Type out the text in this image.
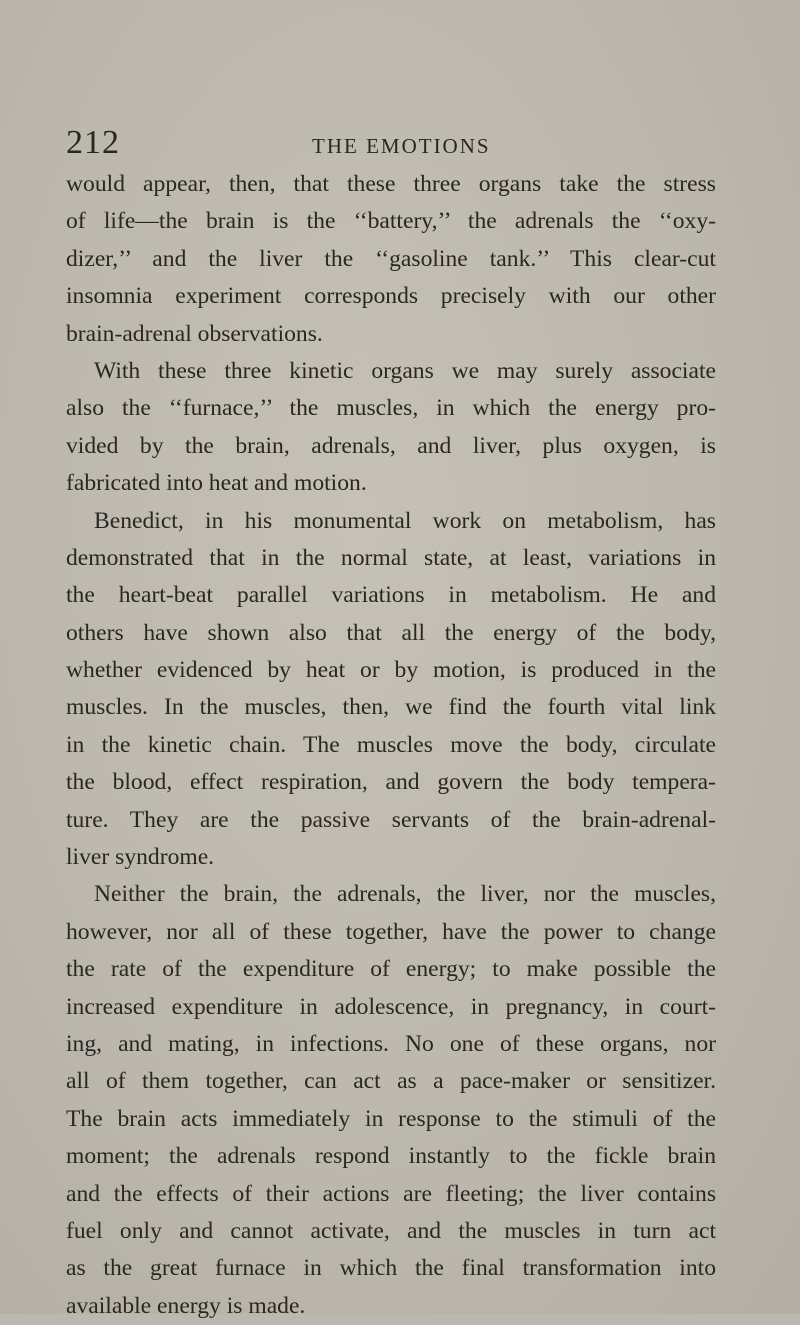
212	THE EMOTIONS
would appear, then, that these three organs take the stress
of life—the brain is the ‘‘battery,’’ the adrenals the ‘‘oxy-
dizer,’’ and the liver the ‘‘gasoline tank.’’ This clear-cut
insomnia experiment corresponds precisely with our other
brain-adrenal observations.
With these three kinetic organs we may surely associate
also the ‘‘furnace,’’ the muscles, in which the energy pro-
vided by the brain, adrenals, and liver, plus oxygen, is
fabricated into heat and motion.
Benedict, in his monumental work on metabolism, has
demonstrated that in the normal state, at least, variations in
the heart-beat parallel variations in metabolism. He and
others have shown also that all the energy of the body,
whether evidenced by heat or by motion, is produced in the
muscles. In the muscles, then, we find the fourth vital link
in the kinetic chain. The muscles move the body, circulate
the blood, effect respiration, and govern the body tempera-
ture. They are the passive servants of the brain-adrenal-
liver syndrome.
Neither the brain, the adrenals, the liver, nor the muscles,
however, nor all of these together, have the power to change
the rate of the expenditure of energy; to make possible the
increased expenditure in adolescence, in pregnancy, in court-
ing, and mating, in infections. No one of these organs, nor
all of them together, can act as a pace-maker or sensitizer.
The brain acts immediately in response to the stimuli of the
moment; the adrenals respond instantly to the fickle brain
and the effects of their actions are fleeting; the liver contains
fuel only and cannot activate, and the muscles in turn act
as the great furnace in which the final transformation into
available energy is made.
